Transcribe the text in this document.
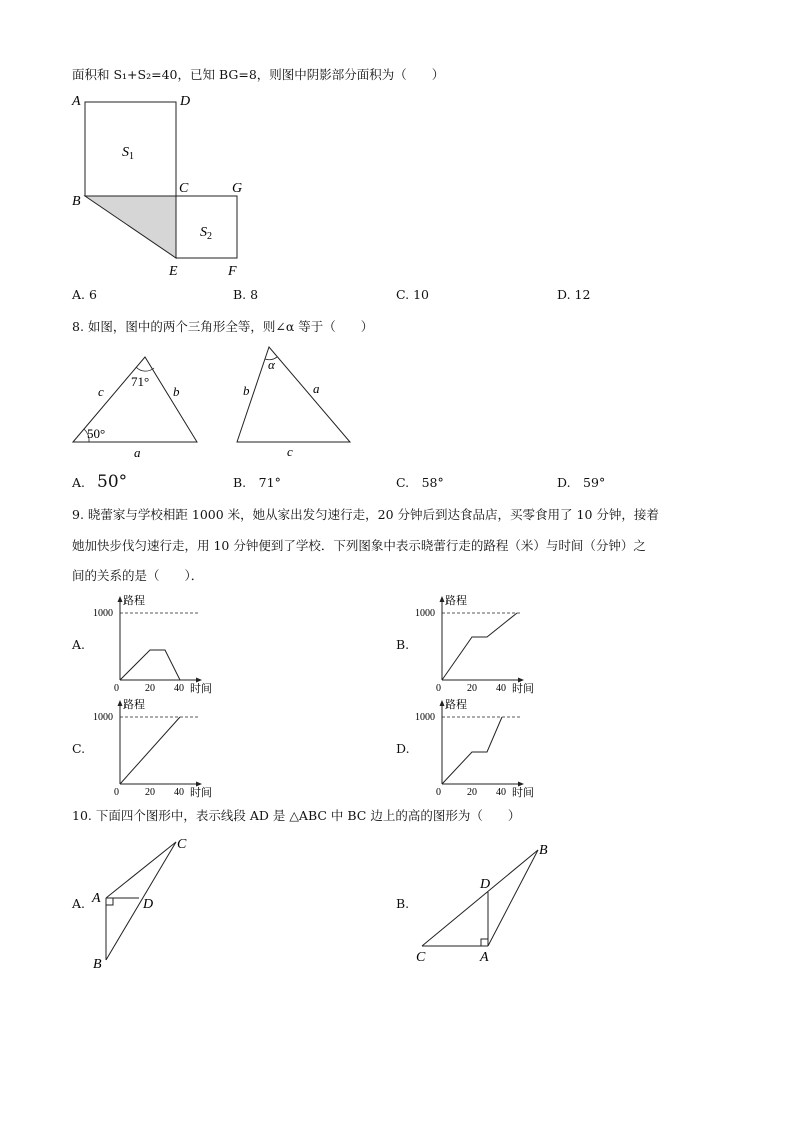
面积和 S₁+S₂=40，已知 BG=8，则图中阴影部分面积为（　　）
A	D
B
C	G
E	F
$S_1$
$S_2$
A. 6	B. 8	C. 10	D. 12
8. 如图，图中的两个三角形全等，则∠α 等于（　　）
c	b
a
71°
50°
α
b	a
c
A. 50°	B.　71°	C.　58°	D.　59°
9. 晓蕾家与学校相距 1000 米，她从家出发匀速行走，20 分钟后到达食品店，买零食用了 10 分钟，接着
她加快步伐匀速行走，用 10 分钟便到了学校．下列图象中表示晓蕾行走的路程（米）与时间（分钟）之
间的关系的是（　　）．
路程
1000
0	20 40 时间
A.
路程
1000
0	20 40 时间
B.
路程
1000
0	20 40 时间
C.
路程
1000
0	20 40 时间
D.
10. 下面四个图形中，表示线段 AD 是 △ABC 中 BC 边上的高的图形为（　　）
A.
C
A	D
B
B.
B
D
C	A
